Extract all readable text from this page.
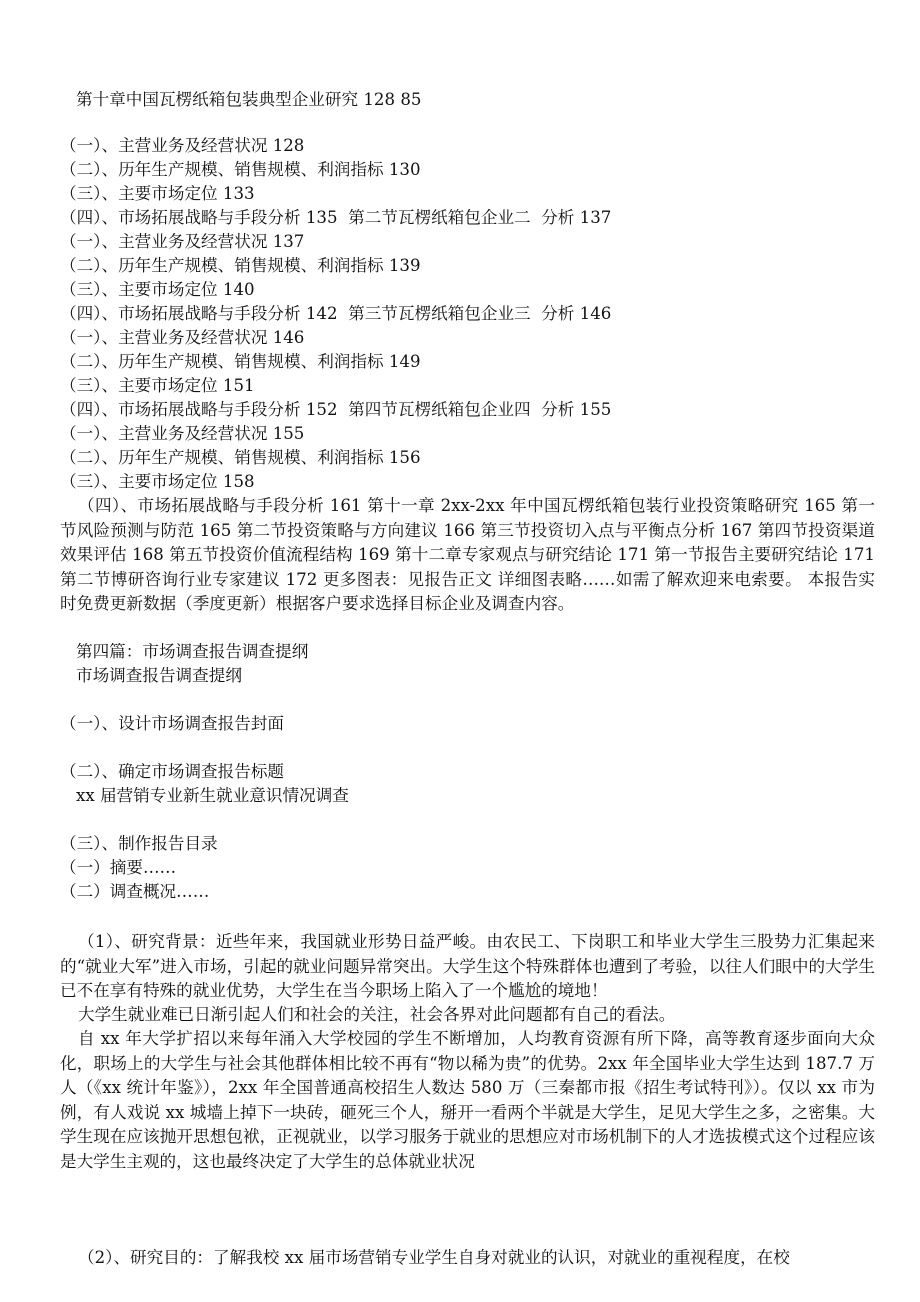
第十章中国瓦楞纸箱包装典型企业研究 128 85
（一）、主营业务及经营状况 128
（二）、历年生产规模、销售规模、利润指标 130
（三）、主要市场定位 133
（四）、市场拓展战略与手段分析 135  第二节瓦楞纸箱包企业二  分析 137
（一）、主营业务及经营状况 137
（二）、历年生产规模、销售规模、利润指标 139
（三）、主要市场定位 140
（四）、市场拓展战略与手段分析 142  第三节瓦楞纸箱包企业三  分析 146
（一）、主营业务及经营状况 146
（二）、历年生产规模、销售规模、利润指标 149
（三）、主要市场定位 151
（四）、市场拓展战略与手段分析 152  第四节瓦楞纸箱包企业四  分析 155
（一）、主营业务及经营状况 155
（二）、历年生产规模、销售规模、利润指标 156
（三）、主要市场定位 158
（四）、市场拓展战略与手段分析 161 第十一章 2xx-2xx 年中国瓦楞纸箱包装行业投资策略研究 165 第一节风险预测与防范 165 第二节投资策略与方向建议 166 第三节投资切入点与平衡点分析 167 第四节投资渠道效果评估 168 第五节投资价值流程结构 169 第十二章专家观点与研究结论 171 第一节报告主要研究结论 171 第二节博研咨询行业专家建议 172 更多图表：见报告正文 详细图表略……如需了解欢迎来电索要。 本报告实时免费更新数据（季度更新）根据客户要求选择目标企业及调查内容。
第四篇：市场调查报告调查提纲
市场调查报告调查提纲
（一）、设计市场调查报告封面
（二）、确定市场调查报告标题
xx 届营销专业新生就业意识情况调查
（三）、制作报告目录
（一）摘要……
（二）调查概况……
（1）、研究背景：近些年来，我国就业形势日益严峻。由农民工、下岗职工和毕业大学生三股势力汇集起来的“就业大军”进入市场，引起的就业问题异常突出。大学生这个特殊群体也遭到了考验，以往人们眼中的大学生已不在享有特殊的就业优势，大学生在当今职场上陷入了一个尴尬的境地！
大学生就业难已日渐引起人们和社会的关注，社会各界对此问题都有自己的看法。
自 xx 年大学扩招以来每年涌入大学校园的学生不断增加，人均教育资源有所下降，高等教育逐步面向大众化，职场上的大学生与社会其他群体相比较不再有“物以稀为贵”的优势。2xx 年全国毕业大学生达到 187.7 万人（《xx 统计年鉴》），2xx 年全国普通高校招生人数达 580 万（三秦都市报《招生考试特刊》）。仅以 xx 市为例，有人戏说 xx 城墙上掉下一块砖，砸死三个人，掰开一看两个半就是大学生，足见大学生之多，之密集。大学生现在应该抛开思想包袱，正视就业，以学习服务于就业的思想应对市场机制下的人才选拔模式这个过程应该是大学生主观的，这也最终决定了大学生的总体就业状况
（2）、研究目的：了解我校 xx 届市场营销专业学生自身对就业的认识，对就业的重视程度，在校
